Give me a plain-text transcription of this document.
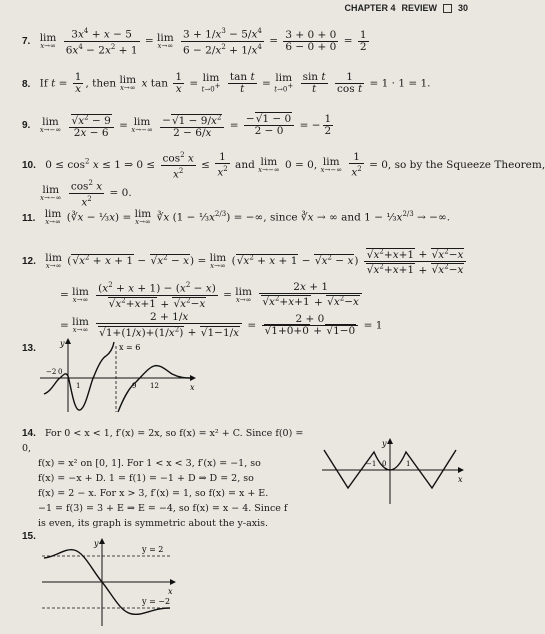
CHAPTER 4 REVIEW 30
7. lim
x→∞
$\frac{3x^4 + x - 5}{6x^4 - 2x^2 + 1} = \lim$
x→∞
$\frac{3 + 1/x^3 - 5/x^4}{6 - 2/x^2 + 1/x^4} = \frac{3 + 0 + 0}{6 - 0 + 0} = \frac{1}{2}$
8. If $t = \frac{1}{x}$ , then lim
x→∞ x $\tan \frac{1}{x} = \lim$
t→0+
$\frac{\text{tan t}}{t} = \lim$
t→0+
$\frac{\text{sin t}}{t}$
$\frac{1}{\text{cos t}} = 1 \cdot 1 = 1$.
9. lim
x→−∞
$\frac{√x^2 - 9}{2x - 6} = \lim$
x→−∞
$\frac{-√1 - 9/x^2}{2 - 6/x} = \frac{-√1 - 0}{2 - 0}$ = − $\frac{1}{2}$
10. $0 \le \cos^2 x \le 1$ ⇒ $0 \le \frac{\cos^2 x}{x^2} \le \frac{1}{x^2}$ and lim
x→−∞ 0 = 0, lim
x→−∞
$\frac{1}{x^2} = 0$, so by the Squeeze Theorem,
lim
x→−∞
$\frac{\cos^2 x}{x^2} = 0$.
11. lim
x→∞ (∛x − ⅓x) = lim
x→∞ ∛x $(1 - \frac{1}{3}x^{2/3})$ = −∞, since ∛x → ∞ and $1 - \frac{1}{3}x^{2/3}$ → −∞.
12. lim
x→∞ $(√x^2 + x + 1 - √x^2 - x) = \lim$
x→∞ $(√x^2 + x + 1 - √x^2 - x) \frac{√x^2+x+1 + √x^2-x}{√x^2+x+1 + √x^2-x}$
= lim
x→∞
$\frac{(x^2 + x + 1) - (x^2 - x)}{√x^2+x+1 + √x^2-x} = \lim$
x→∞
$\frac{2x + 1}{√x^2+x+1 + √x^2-x}$
= lim
x→∞
$\frac{2 + 1/x}{√1+(1/x)+(1/x^2) + √1-1/x} = \frac{2 + 0}{√1+0+0 + √1-0} = 1$
13.	y
x
x = 6
−2 0
1	9 12
14. For 0 < x < 1, f′(x) = 2x, so f(x) = x² + C. Since f(0) = 0,
f(x) = x² on [0, 1]. For 1 < x < 3, f′(x) = −1, so
f(x) = −x + D. 1 = f(1) = −1 + D ⇒ D = 2, so
f(x) = 2 − x. For x > 3, f′(x) = 1, so f(x) = x + E.
−1 = f(3) = 3 + E ⇒ E = −4, so f(x) = x − 4. Since f
is even, its graph is symmetric about the y-axis.
y
x
−1 0	1
15.
y
x
y = 2
y = −2
